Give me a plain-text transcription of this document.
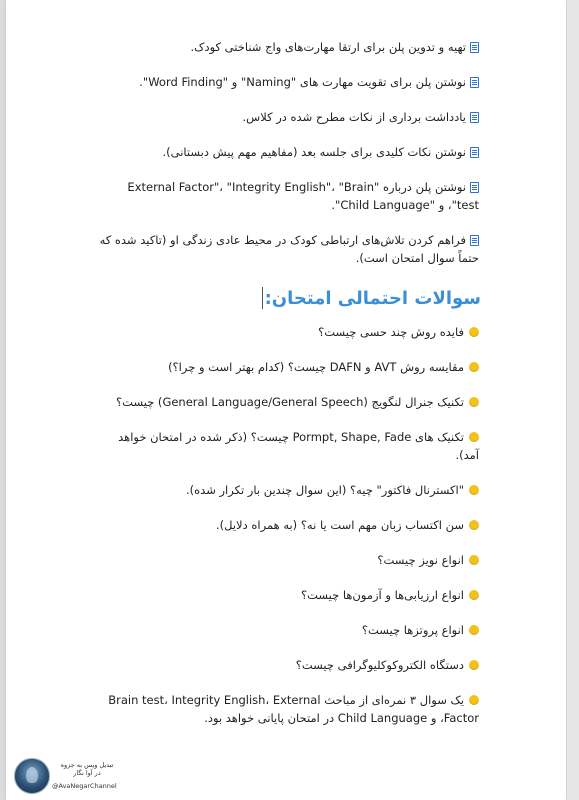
تهیه و تدوین پلن برای ارتقا مهارت‌های واج شناختی کودک.
نوشتن پلن برای تقویت مهارت های "Naming" و "Word Finding".
یادداشت برداری از نکات مطرح شده در کلاس.
نوشتن نکات کلیدی برای جلسه بعد (مفاهیم مهم پیش دبستانی).
نوشتن پلن درباره "External Factor"، "Integrity English"، "Brain test"، و "Child Language".
فراهم کردن تلاش‌های ارتباطی کودک در محیط عادی زندگی او (تاکید شده که حتماً سوال امتحان است).
سوالات احتمالی امتحان:
فایده روش چند حسی چیست؟
مقایسه روش AVT و DAFN چیست؟ (کدام بهتر است و چرا؟)
تکنیک جنرال لنگویج (General Language/General Speech) چیست؟
تکنیک های Pormpt, Shape, Fade چیست؟ (ذکر شده در امتحان خواهد آمد).
"اکسترنال فاکتور" چیه؟ (این سوال چندین بار تکرار شده).
سن اکتساب زبان مهم است یا نه؟ (به همراه دلایل).
انواع نویز چیست؟
انواع ارزیابی‌ها و آزمون‌ها چیست؟
انواع پروتزها چیست؟
دستگاه الکتروکوکلیوگرافی چیست؟
یک سوال ۳ نمره‌ای از مباحث Brain test، Integrity English، External Factor، و Child Language در امتحان پایانی خواهد بود.
تبدیل ویس به جزوه
در آوا نگار
@AvaNegarChannel
